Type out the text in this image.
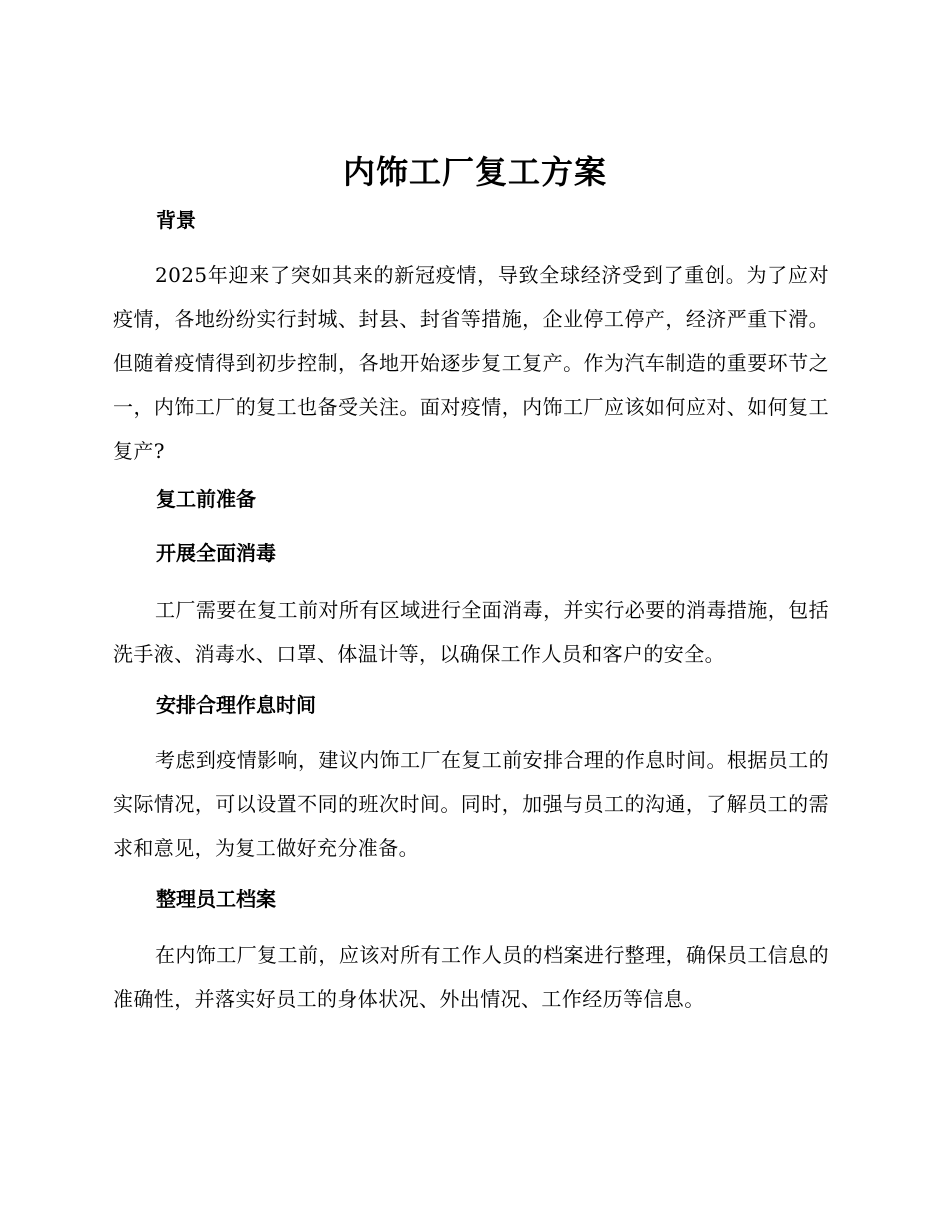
内饰工厂复工方案
背景

2025年迎来了突如其来的新冠疫情，导致全球经济受到了重创。为了应对疫情，各地纷纷实行封城、封县、封省等措施，企业停工停产，经济严重下滑。但随着疫情得到初步控制，各地开始逐步复工复产。作为汽车制造的重要环节之一，内饰工厂的复工也备受关注。面对疫情，内饰工厂应该如何应对、如何复工复产?

复工前准备
开展全面消毒

工厂需要在复工前对所有区域进行全面消毒，并实行必要的消毒措施，包括洗手液、消毒水、口罩、体温计等，以确保工作人员和客户的安全。

安排合理作息时间

考虑到疫情影响，建议内饰工厂在复工前安排合理的作息时间。根据员工的实际情况，可以设置不同的班次时间。同时，加强与员工的沟通，了解员工的需求和意见，为复工做好充分准备。

整理员工档案

在内饰工厂复工前，应该对所有工作人员的档案进行整理，确保员工信息的准确性，并落实好员工的身体状况、外出情况、工作经历等信息。
